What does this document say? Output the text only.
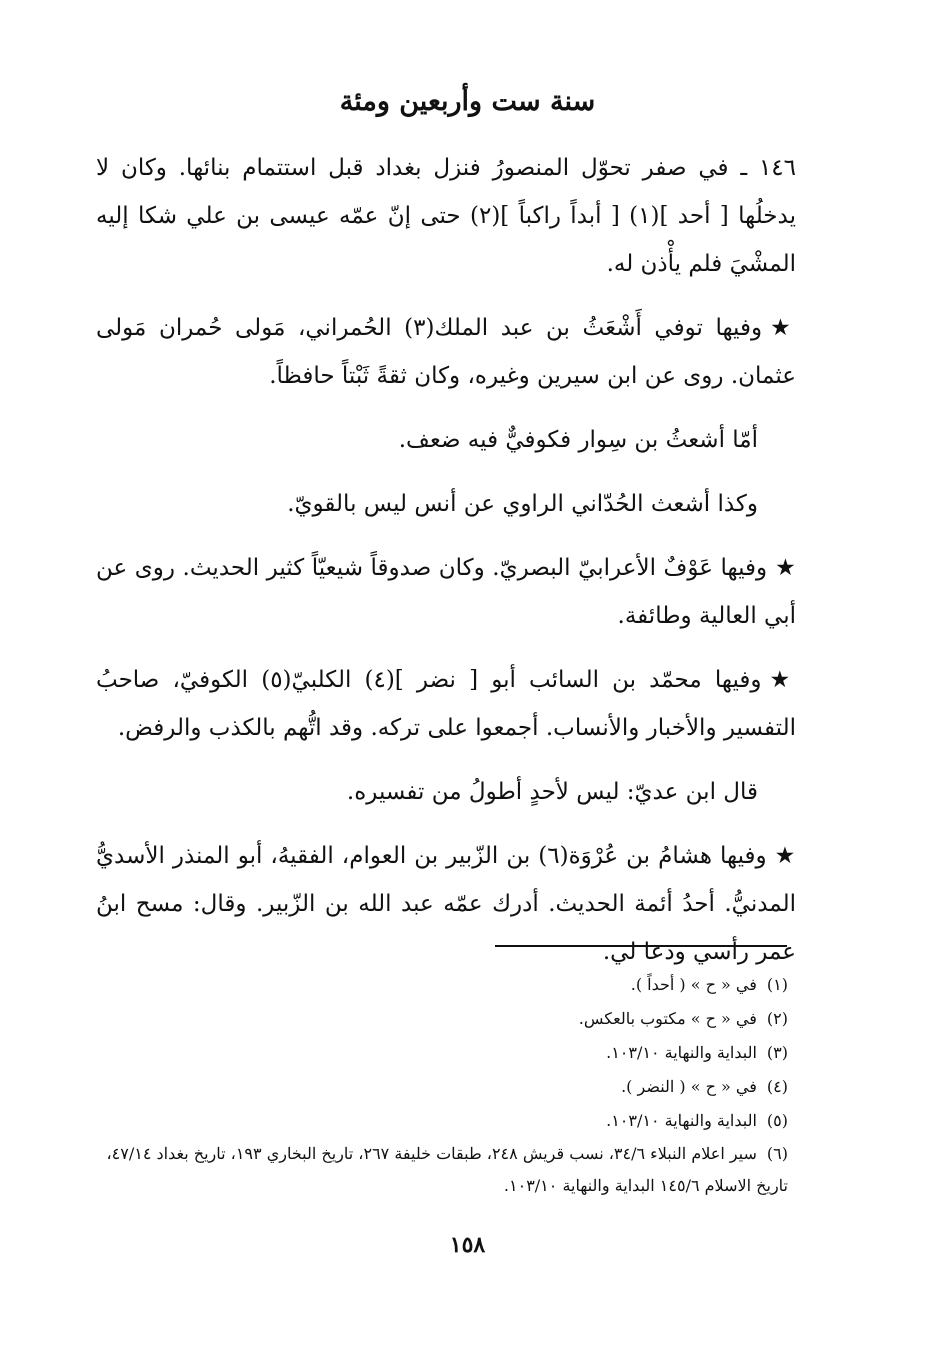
سنة ست وأربعين ومئة

١٤٦ ـ في صفر تحوّل المنصورُ فنزل بغداد قبل استتمام بنائها. وكان لا يدخلُها [ أحد ](١) [ أبداً راكباً ](٢) حتى إنّ عمّه عيسى بن علي شكا إليه المشْيَ فلم يأْذن له.

★وفيها توفي أَشْعَثُ بن عبد الملك(٣) الحُمراني، مَولى حُمران مَولى عثمان. روى عن ابن سيرين وغيره، وكان ثقةً ثَبْتاً حافظاً.

أمّا أشعثُ بن سِوار فكوفيٌّ فيه ضعف.

وكذا أشعث الحُدّاني الراوي عن أنس ليس بالقويّ.

★وفيها عَوْفٌ الأعرابيّ البصريّ. وكان صدوقاً شيعيّاً كثير الحديث. روى عن أبي العالية وطائفة.

★وفيها محمّد بن السائب أبو [ نضر ](٤) الكلبيّ(٥) الكوفيّ، صاحبُ التفسير والأخبار والأنساب. أجمعوا على تركه. وقد اتُّهم بالكذب والرفض.

قال ابن عديّ: ليس لأحدٍ أطولُ من تفسيره.

★وفيها هشامُ بن عُرْوَة(٦) بن الزّبير بن العوام، الفقيهُ، أبو المنذر الأسديُّ المدنيُّ. أحدُ أئمة الحديث. أدرك عمّه عبد الله بن الزّبير. وقال: مسح ابنُ عمر رأسي ودعا لي.

(١)في « ح » ( أحداً ).
(٢)في « ح » مكتوب بالعكس.
(٣)البداية والنهاية ١٠٣/١٠.
(٤)في « ح » ( النضر ).
(٥)البداية والنهاية ١٠٣/١٠.
(٦)سير اعلام النبلاء ٣٤/٦، نسب قريش ٢٤٨، طبقات خليفة ٢٦٧، تاريخ البخاري ١٩٣، تاريخ بغداد ٤٧/١٤، تاريخ الاسلام ١٤٥/٦ البداية والنهاية ١٠٣/١٠.
١٥٨
